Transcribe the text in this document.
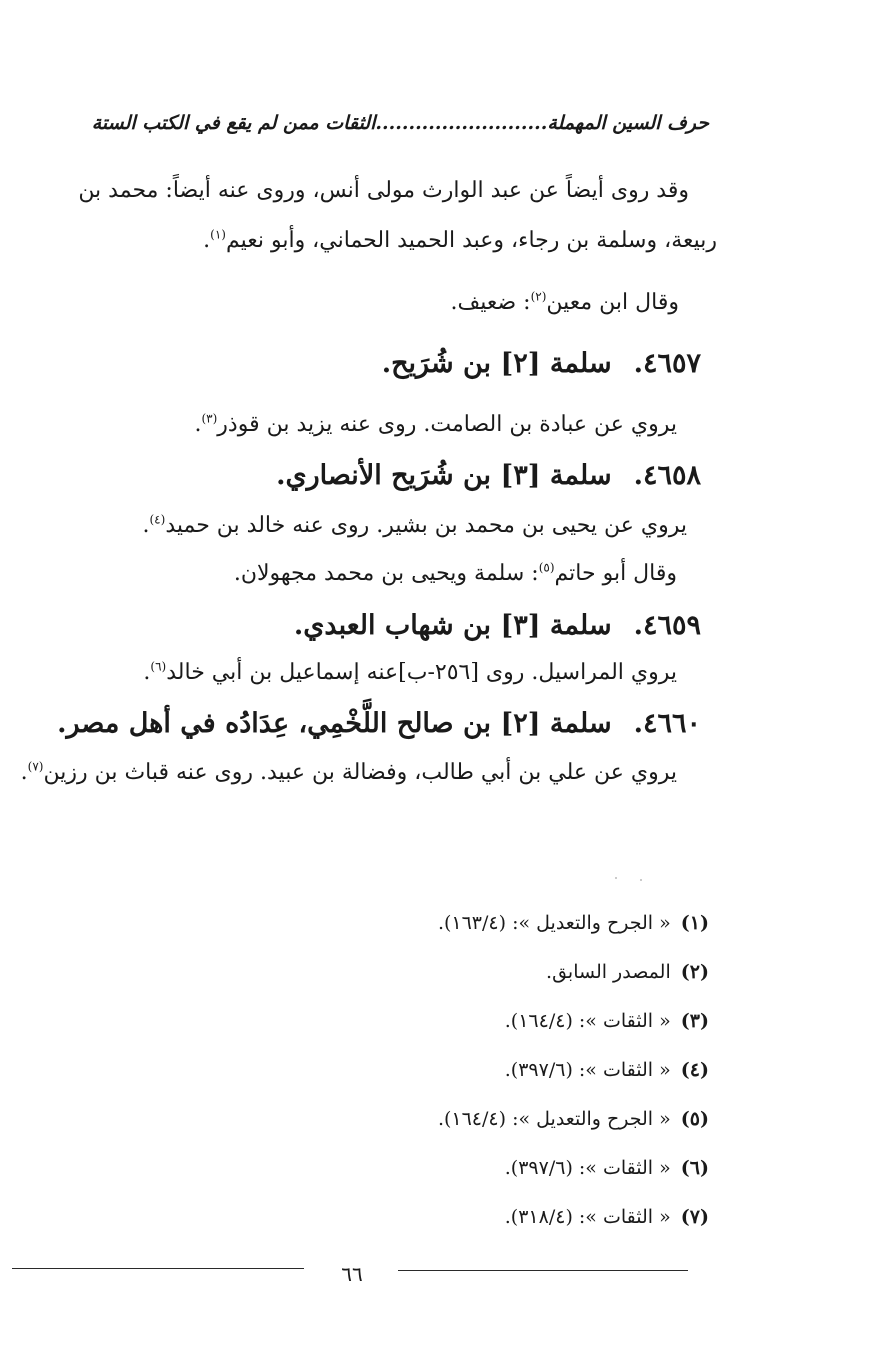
حرف السين المهملة..........................الثقات ممن لم يقع في الكتب الستة
وقد روى أيضاً عن عبد الوارث مولى أنس، وروى عنه أيضاً: محمد بن
ربيعة، وسلمة بن رجاء، وعبد الحميد الحماني، وأبو نعيم$^{(١)}$.
وقال ابن معين$^{(٢)}$: ضعيف.
٤٦٥٧.سلمة [٢] بن شُرَيح.
يروي عن عبادة بن الصامت. روى عنه يزيد بن قوذر$^{(٣)}$.
٤٦٥٨.سلمة [٣] بن شُرَيح الأنصاري.
يروي عن يحيى بن محمد بن بشير. روى عنه خالد بن حميد$^{(٤)}$.
وقال أبو حاتم$^{(٥)}$: سلمة ويحيى بن محمد مجهولان.
٤٦٥٩.سلمة [٣] بن شهاب العبدي.
يروي المراسيل. روى [٢٥٦-ب]عنه إسماعيل بن أبي خالد$^{(٦)}$.
٤٦٦٠.سلمة [٢] بن صالح اللَّخْمِي، عِدَادُه في أهل مصر.
يروي عن علي بن أبي طالب، وفضالة بن عبيد. روى عنه قباث بن رزين$^{(٧)}$.
(١) « الجرح والتعديل »: (١٦٣/٤).
(٢) المصدر السابق.
(٣) « الثقات »: (١٦٤/٤).
(٤) « الثقات »: (٣٩٧/٦).
(٥) « الجرح والتعديل »: (١٦٤/٤).
(٦) « الثقات »: (٣٩٧/٦).
(٧) « الثقات »: (٣١٨/٤).
٦٦
